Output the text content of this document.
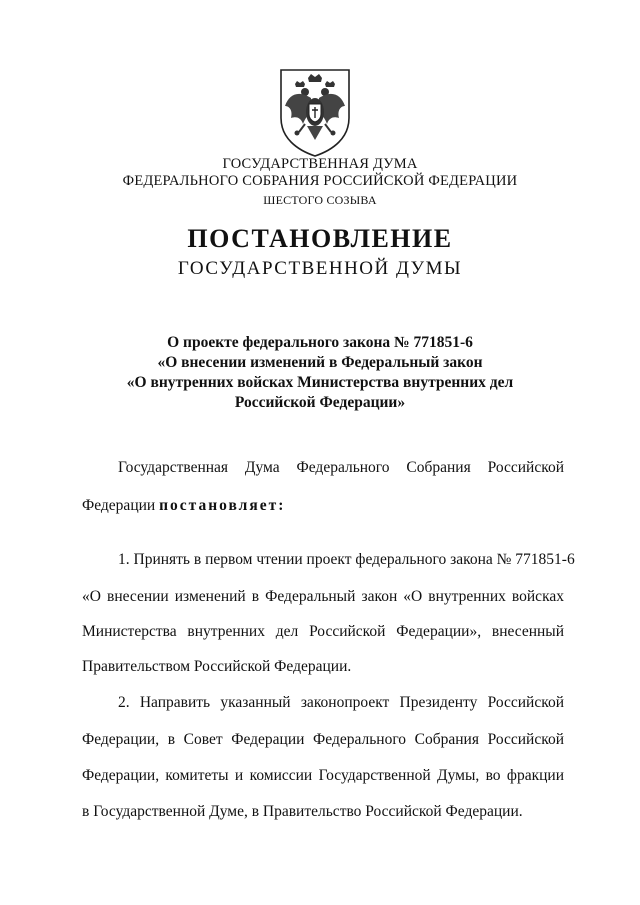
ГОСУДАРСТВЕННАЯ ДУМА
ФЕДЕРАЛЬНОГО СОБРАНИЯ РОССИЙСКОЙ ФЕДЕРАЦИИ
ШЕСТОГО СОЗЫВА
ПОСТАНОВЛЕНИЕ
ГОСУДАРСТВЕННОЙ ДУМЫ
О проекте федерального закона № 771851-6
«О внесении изменений в Федеральный закон
«О внутренних войсках Министерства внутренних дел
Российской Федерации»
Государственная Дума Федерального Собрания Российской
Федерации постановляет:
1. Принять в первом чтении проект федерального закона № 771851-6
«О внесении изменений в Федеральный закон «О внутренних войсках
Министерства внутренних дел Российской Федерации», внесенный
Правительством Российской Федерации.
2. Направить указанный законопроект Президенту Российской
Федерации, в Совет Федерации Федерального Собрания Российской
Федерации, комитеты и комиссии Государственной Думы, во фракции
в Государственной Думе, в Правительство Российской Федерации.
